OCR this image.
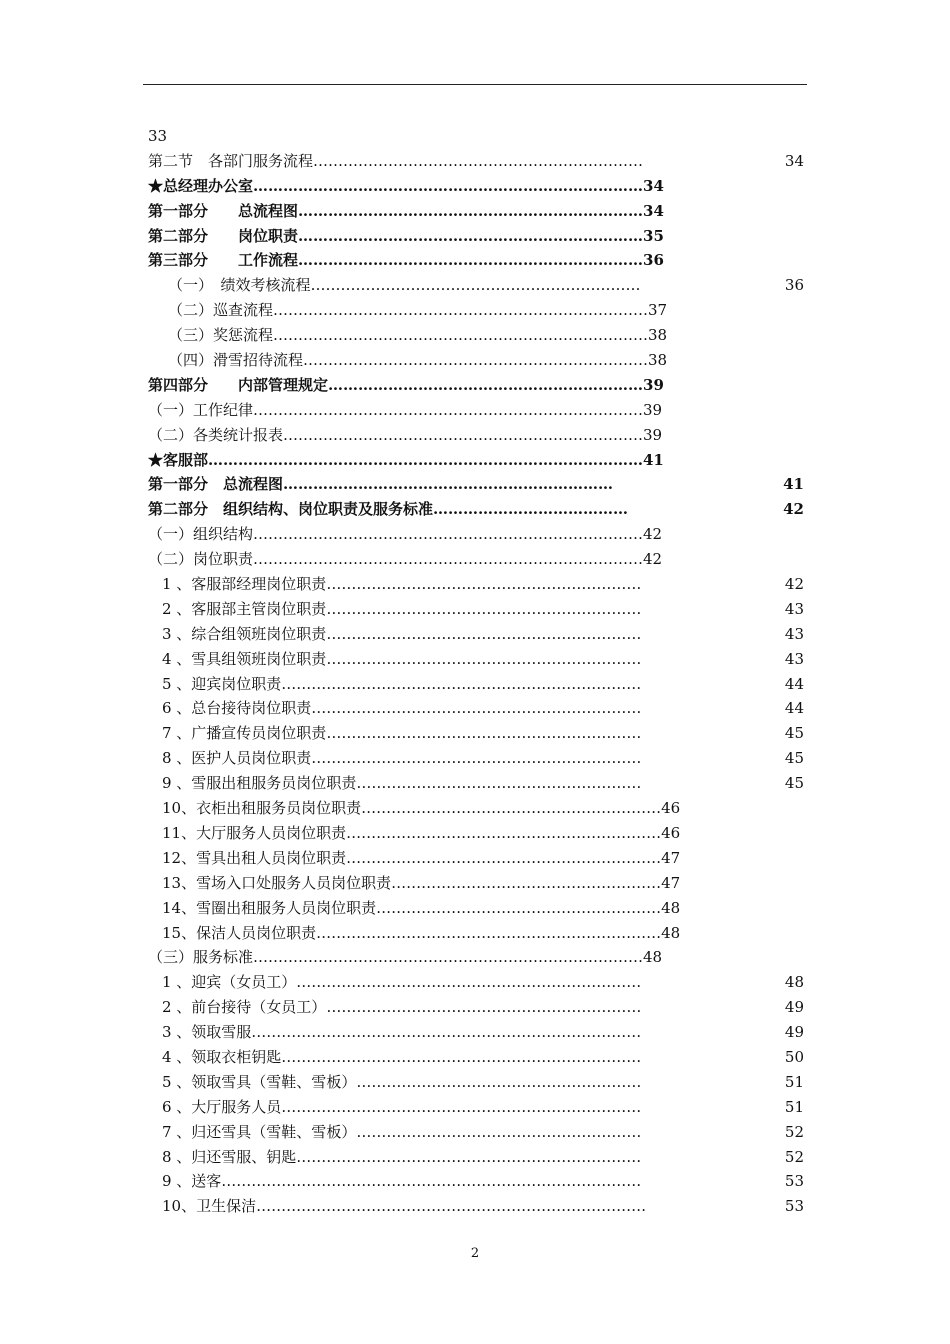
33
第二节　各部门服务流程…………………………………………………………	34
★总经理办公室……………………………………………………………………34
第一部分　　总流程图……………………………………………………………34
第二部分　　岗位职责……………………………………………………………35
第三部分　　工作流程……………………………………………………………36
（一）　绩效考核流程…………………………………………………………	36
（二）巡查流程…………………………………………………………………37
（三）奖惩流程…………………………………………………………………38
（四）滑雪招待流程……………………………………………………………38
第四部分　　内部管理规定………………………………………………………39
（一）工作纪律……………………………………………………………………39
（二）各类统计报表………………………………………………………………39
★客服部……………………………………………………………………………41
第一部分　总流程图…………………………………………………………	41
第二部分　组织结构、岗位职责及服务标准…………………………………	42
（一）组织结构……………………………………………………………………42
（二）岗位职责……………………………………………………………………42
1 、客服部经理岗位职责………………………………………………………	42
2 、客服部主管岗位职责………………………………………………………	43
3 、综合组领班岗位职责………………………………………………………	43
4 、雪具组领班岗位职责………………………………………………………	43
5 、迎宾岗位职责………………………………………………………………	44
6 、总台接待岗位职责…………………………………………………………	44
7 、广播宣传员岗位职责………………………………………………………	45
8 、医护人员岗位职责…………………………………………………………	45
9 、雪服出租服务员岗位职责…………………………………………………	45
10、衣柜出租服务员岗位职责……………………………………………………46
11、大厅服务人员岗位职责………………………………………………………46
12、雪具出租人员岗位职责………………………………………………………47
13、雪场入口处服务人员岗位职责………………………………………………47
14、雪圈出租服务人员岗位职责…………………………………………………48
15、保洁人员岗位职责……………………………………………………………48
（三）服务标准……………………………………………………………………48
1 、迎宾（女员工）……………………………………………………………	48
2 、前台接待（女员工）………………………………………………………	49
3 、领取雪服……………………………………………………………………	49
4 、领取衣柜钥匙………………………………………………………………	50
5 、领取雪具（雪鞋、雪板）…………………………………………………	51
6 、大厅服务人员………………………………………………………………	51
7 、归还雪具（雪鞋、雪板）…………………………………………………	52
8 、归还雪服、钥匙……………………………………………………………	52
9 、送客…………………………………………………………………………	53
10、卫生保洁……………………………………………………………………	53
2
